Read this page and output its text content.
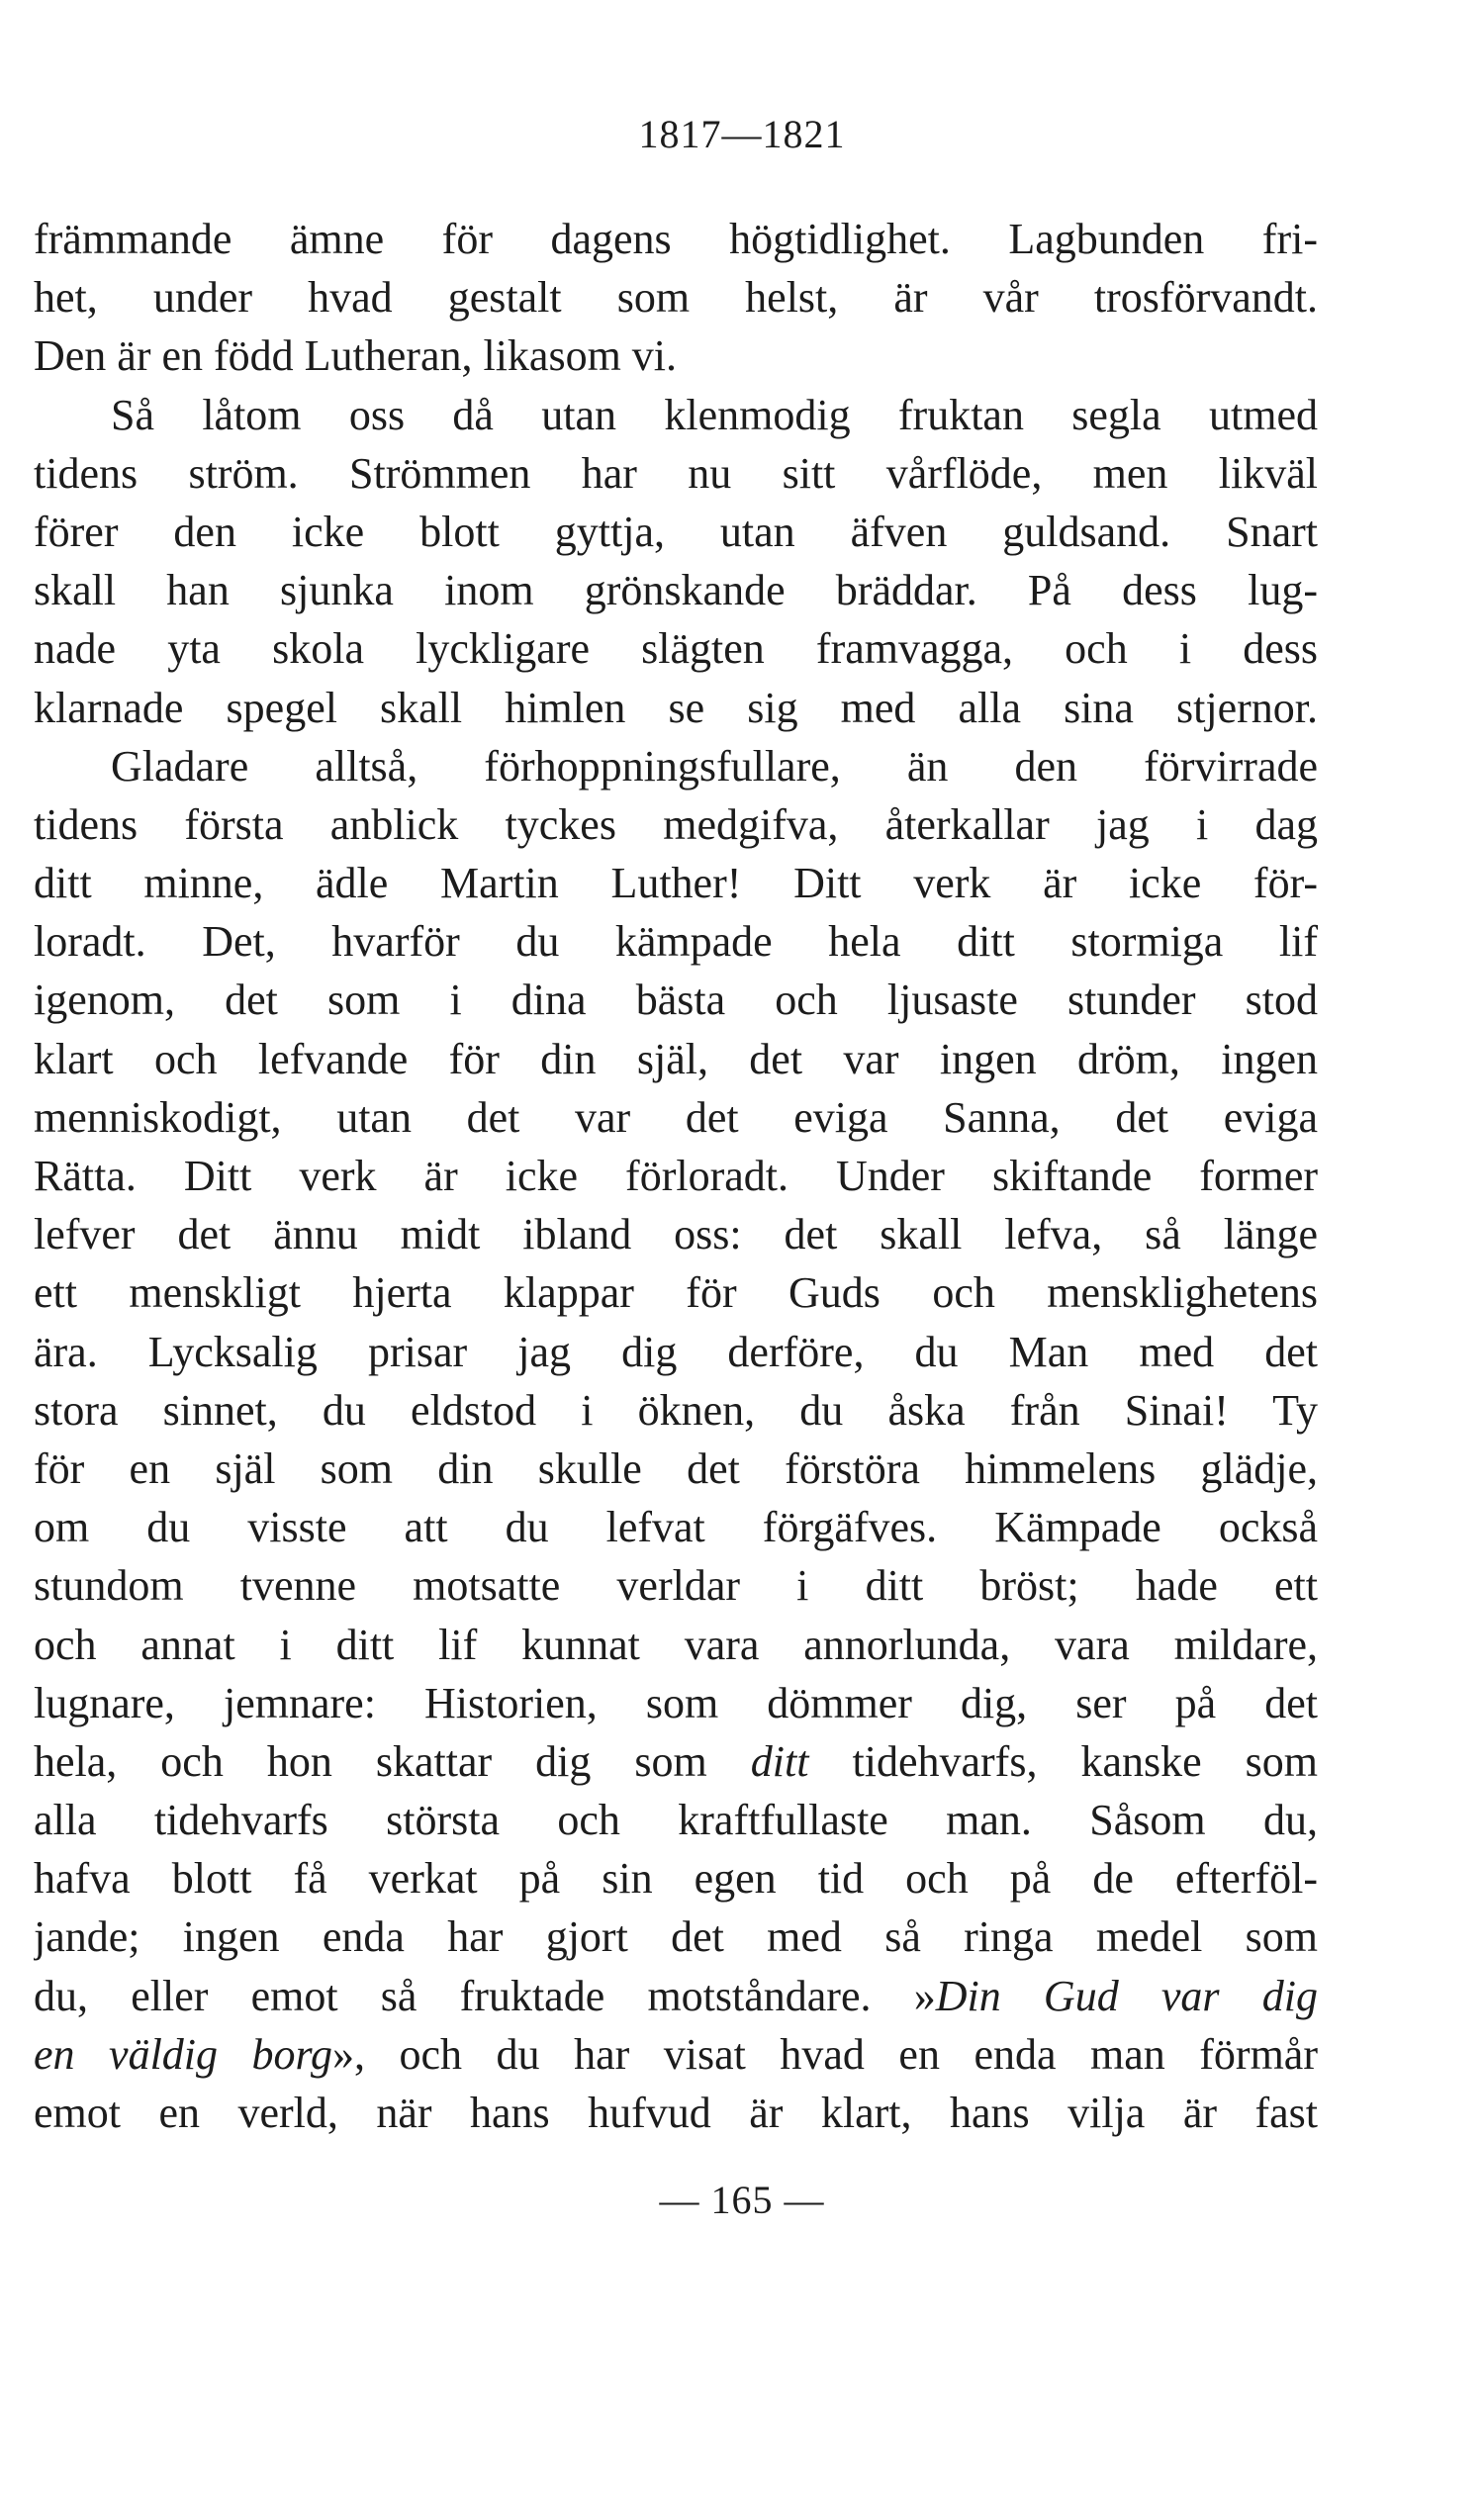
1817—1821
främmande ämne för dagens högtidlighet. Lagbunden fri-
het, under hvad gestalt som helst, är vår trosförvandt.
Den är en född Lutheran, likasom vi.
Så låtom oss då utan klenmodig fruktan segla utmed
tidens ström. Strömmen har nu sitt vårflöde, men likväl
förer den icke blott gyttja, utan äfven guldsand. Snart
skall han sjunka inom grönskande bräddar. På dess lug-
nade yta skola lyckligare slägten framvagga, och i dess
klarnade spegel skall himlen se sig med alla sina stjernor.
Gladare alltså, förhoppningsfullare, än den förvirrade
tidens första anblick tyckes medgifva, återkallar jag i dag
ditt minne, ädle Martin Luther! Ditt verk är icke för-
loradt. Det, hvarför du kämpade hela ditt stormiga lif
igenom, det som i dina bästa och ljusaste stunder stod
klart och lefvande för din själ, det var ingen dröm, ingen
menniskodigt, utan det var det eviga Sanna, det eviga
Rätta. Ditt verk är icke förloradt. Under skiftande former
lefver det ännu midt ibland oss: det skall lefva, så länge
ett menskligt hjerta klappar för Guds och mensklighetens
ära. Lycksalig prisar jag dig derföre, du Man med det
stora sinnet, du eldstod i öknen, du åska från Sinai! Ty
för en själ som din skulle det förstöra himmelens glädje,
om du visste att du lefvat förgäfves. Kämpade också
stundom tvenne motsatte verldar i ditt bröst; hade ett
och annat i ditt lif kunnat vara annorlunda, vara mildare,
lugnare, jemnare: Historien, som dömmer dig, ser på det
hela, och hon skattar dig som ditt tidehvarfs, kanske som
alla tidehvarfs största och kraftfullaste man. Såsom du,
hafva blott få verkat på sin egen tid och på de efterföl-
jande; ingen enda har gjort det med så ringa medel som
du, eller emot så fruktade motståndare. »Din Gud var dig
en väldig borg», och du har visat hvad en enda man förmår
emot en verld, när hans hufvud är klart, hans vilja är fast
— 165 —
